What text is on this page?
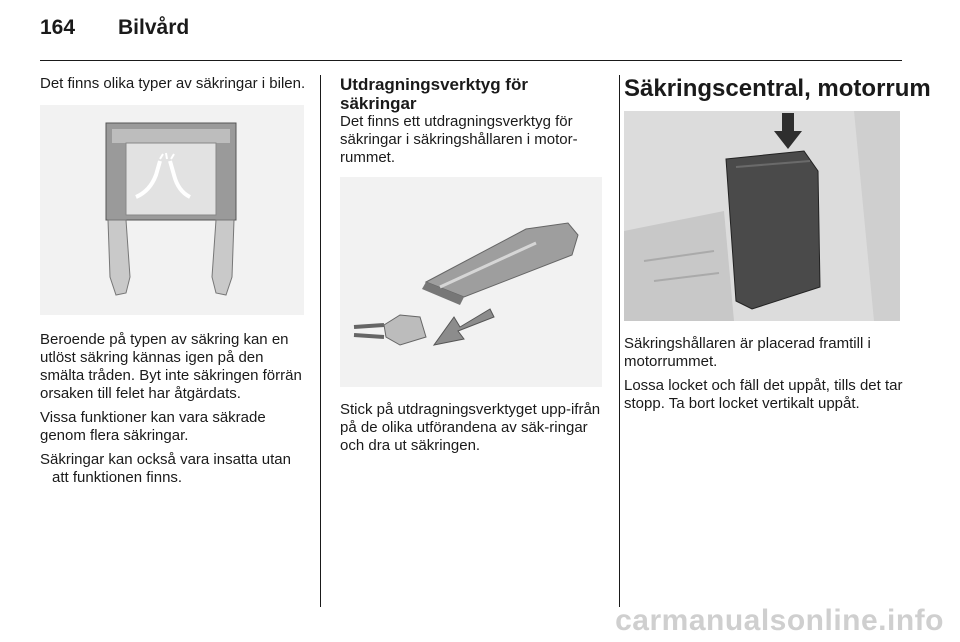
164 Bilvård

Det finns olika typer av säkringar i bilen.

Beroende på typen av säkring kan en utlöst säkring kännas igen på den smälta tråden. Byt inte säkringen förrän orsaken till felet har åtgärdats.

Vissa funktioner kan vara säkrade genom flera säkringar.

Säkringar kan också vara insatta utan att funktionen finns.

Utdragningsverktyg för säkringar

Det finns ett utdragningsverktyg för säkringar i säkringshållaren i motor-rummet.

Stick på utdragningsverktyget upp-ifrån på de olika utförandena av säk-ringar och dra ut säkringen.

Säkringscentral, motorrum

Säkringshållaren är placerad framtill i motorrummet.

Lossa locket och fäll det uppåt, tills det tar stopp. Ta bort locket vertikalt uppåt.

carmanualsonline.info
